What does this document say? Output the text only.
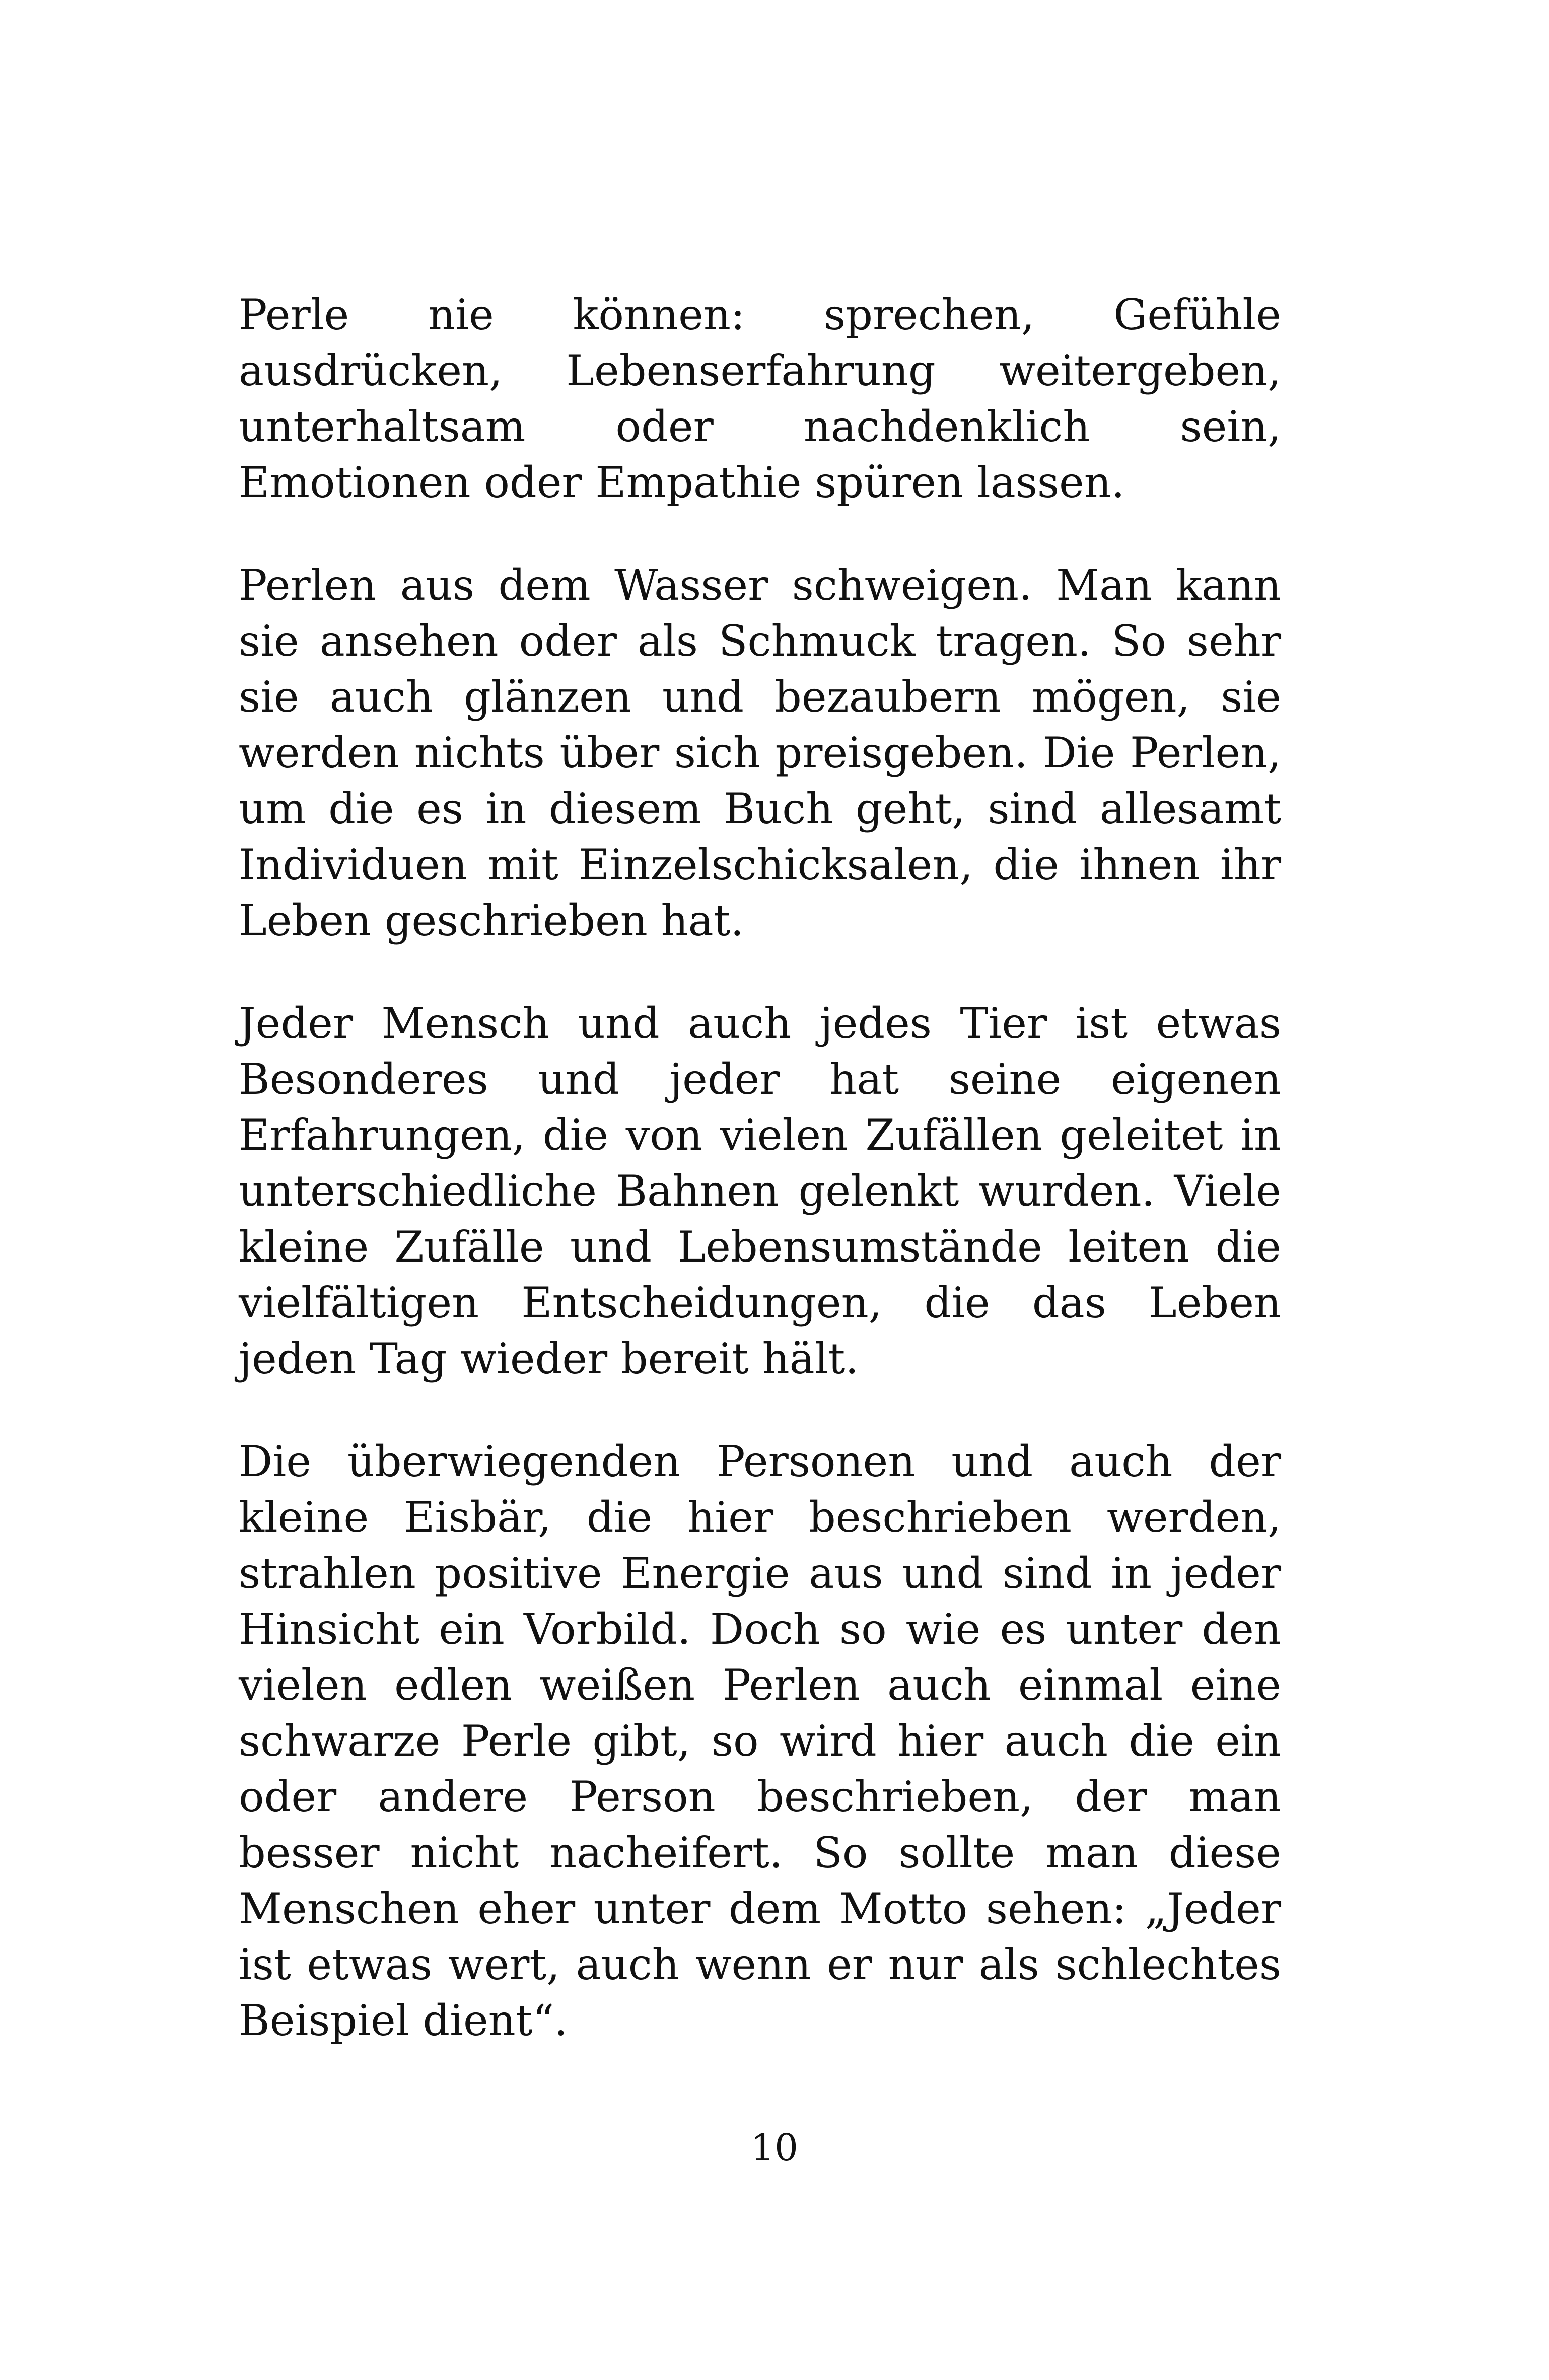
Perle nie können: sprechen, Gefühle ausdrücken, Lebenserfahrung weitergeben, unterhaltsam oder nachdenklich sein, Emotionen oder Empathie spüren lassen.

Perlen aus dem Wasser schweigen. Man kann sie ansehen oder als Schmuck tragen. So sehr sie auch glänzen und bezaubern mögen, sie werden nichts über sich preisgeben. Die Perlen, um die es in diesem Buch geht, sind allesamt Individuen mit Einzelschicksalen, die ihnen ihr Leben geschrieben hat.

Jeder Mensch und auch jedes Tier ist etwas Besonderes und jeder hat seine eigenen Erfahrungen, die von vielen Zufällen geleitet in unterschiedliche Bahnen gelenkt wurden. Viele kleine Zufälle und Lebensumstände leiten die vielfältigen Entscheidungen, die das Leben jeden Tag wieder bereit hält.

Die überwiegenden Personen und auch der kleine Eisbär, die hier beschrieben werden, strahlen positive Energie aus und sind in jeder Hinsicht ein Vorbild. Doch so wie es unter den vielen edlen weißen Perlen auch einmal eine schwarze Perle gibt, so wird hier auch die ein oder andere Person beschrieben, der man besser nicht nacheifert. So sollte man diese Menschen eher unter dem Motto sehen: „Jeder ist etwas wert, auch wenn er nur als schlechtes Beispiel dient“.

10
